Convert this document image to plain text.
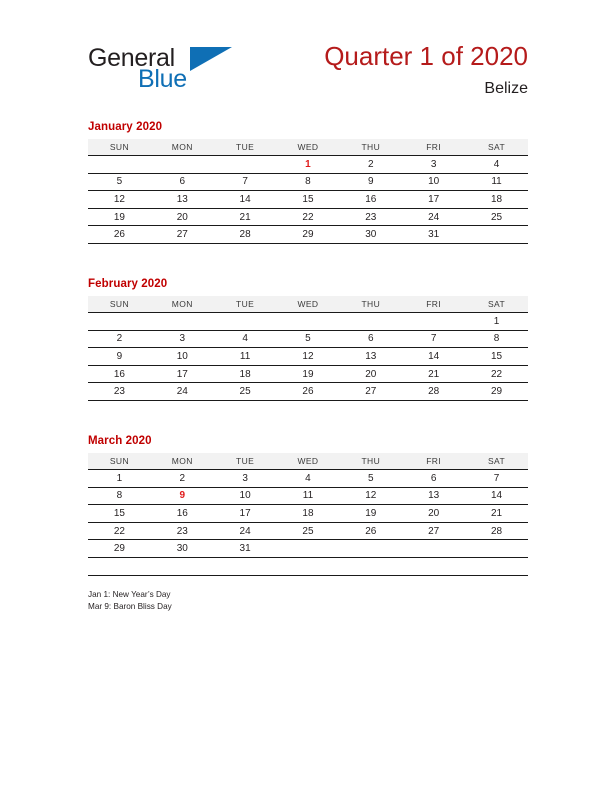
General
Blue
Quarter 1 of 2020
Belize
Jan 1: New Year’s Day
Mar 9: Baron Bliss Day
January 2020
SUN	MON	TUE	WED	THU	FRI	SAT
			1	2	3	4
5	6	7	8	9	10	11
12	13	14	15	16	17	18
19	20	21	22	23	24	25
26	27	28	29	30	31	
February 2020
SUN	MON	TUE	WED	THU	FRI	SAT
						1
2	3	4	5	6	7	8
9	10	11	12	13	14	15
16	17	18	19	20	21	22
23	24	25	26	27	28	29
March 2020
SUN	MON	TUE	WED	THU	FRI	SAT
1	2	3	4	5	6	7
8	9	10	11	12	13	14
15	16	17	18	19	20	21
22	23	24	25	26	27	28
29	30	31				
